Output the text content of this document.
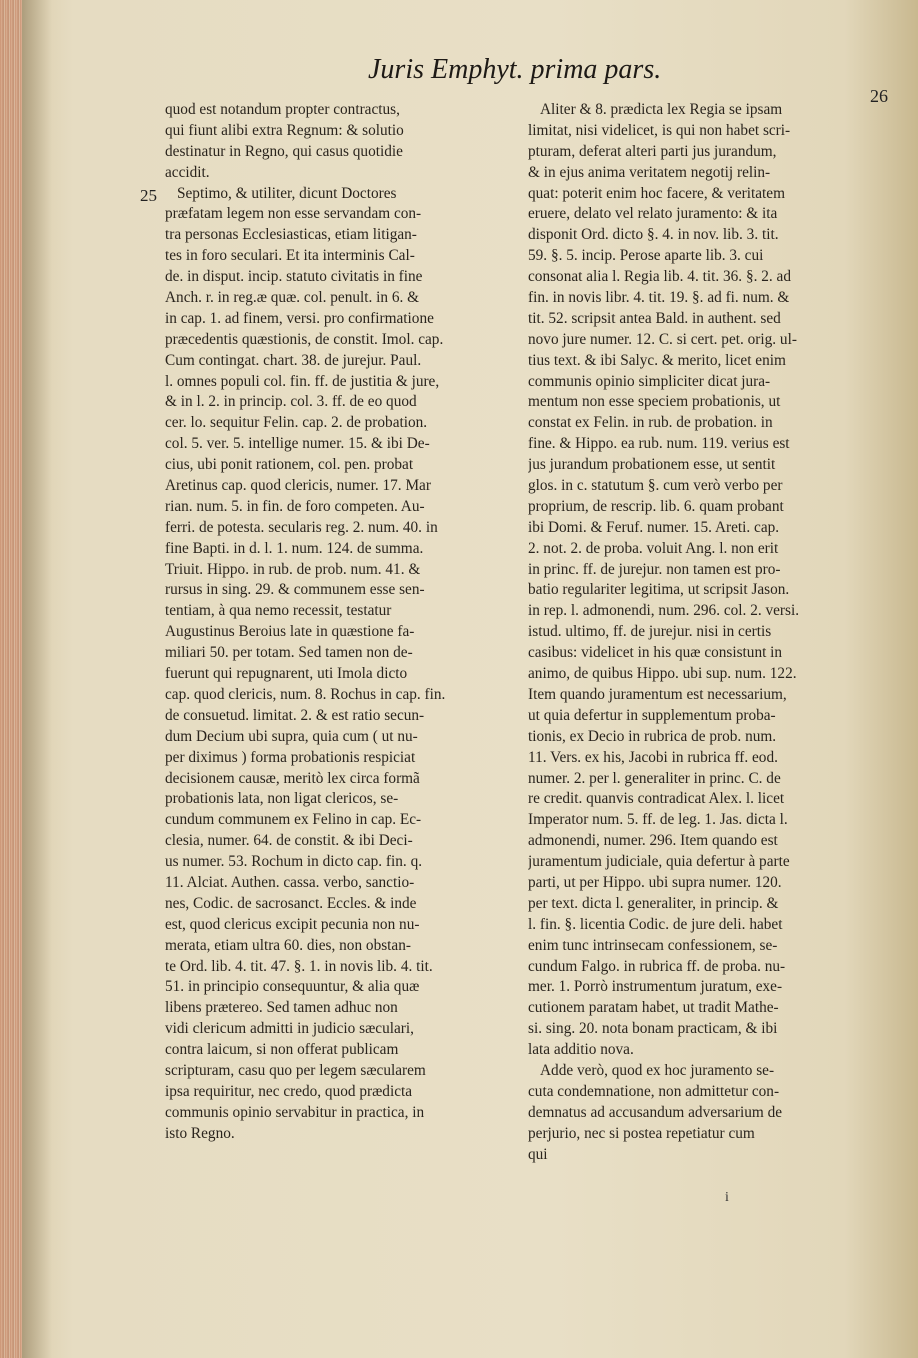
Juris Emphyt. prima pars.
26
25
quod est notandum propter contractus,
qui fiunt alibi extra Regnum: & solutio
destinatur in Regno, qui casus quotidie
accidit.
Septimo, & utiliter, dicunt Doctores
præfatam legem non esse servandam con-
tra personas Ecclesiasticas, etiam litigan-
tes in foro seculari. Et ita interminis Cal-
de. in disput. incip. statuto civitatis in fine
Anch. r. in reg.æ quæ. col. penult. in 6. &
in cap. 1. ad finem, versi. pro confirmatione
præcedentis quæstionis, de constit. Imol. cap.
Cum contingat. chart. 38. de jurejur. Paul.
l. omnes populi col. fin. ff. de justitia & jure,
& in l. 2. in princip. col. 3. ff. de eo quod
cer. lo. sequitur Felin. cap. 2. de probation.
col. 5. ver. 5. intellige numer. 15. & ibi De-
cius, ubi ponit rationem, col. pen. probat
Aretinus cap. quod clericis, numer. 17. Mar
rian. num. 5. in fin. de foro competen. Au-
ferri. de potesta. secularis reg. 2. num. 40. in
fine Bapti. in d. l. 1. num. 124. de summa.
Triuit. Hippo. in rub. de prob. num. 41. &
rursus in sing. 29. & communem esse sen-
tentiam, à qua nemo recessit, testatur
Augustinus Beroius late in quæstione fa-
miliari 50. per totam. Sed tamen non de-
fuerunt qui repugnarent, uti Imola dicto
cap. quod clericis, num. 8. Rochus in cap. fin.
de consuetud. limitat. 2. & est ratio secun-
dum Decium ubi supra, quia cum ( ut nu-
per diximus ) forma probationis respiciat
decisionem causæ, meritò lex circa formã
probationis lata, non ligat clericos, se-
cundum communem ex Felino in cap. Ec-
clesia, numer. 64. de constit. & ibi Deci-
us numer. 53. Rochum in dicto cap. fin. q.
11. Alciat. Authen. cassa. verbo, sanctio-
nes, Codic. de sacrosanct. Eccles. & inde
est, quod clericus excipit pecunia non nu-
merata, etiam ultra 60. dies, non obstan-
te Ord. lib. 4. tit. 47. §. 1. in novis lib. 4. tit.
51. in principio consequuntur, & alia quæ
libens prætereo. Sed tamen adhuc non
vidi clericum admitti in judicio sæculari,
contra laicum, si non offerat publicam
scripturam, casu quo per legem sæcularem
ipsa requiritur, nec credo, quod prædicta
communis opinio servabitur in practica, in
isto Regno.
Aliter & 8. prædicta lex Regia se ipsam
limitat, nisi videlicet, is qui non habet scri-
pturam, deferat alteri parti jus jurandum,
& in ejus anima veritatem negotij relin-
quat: poterit enim hoc facere, & veritatem
eruere, delato vel relato juramento: & ita
disponit Ord. dicto §. 4. in nov. lib. 3. tit.
59. §. 5. incip. Perose aparte lib. 3. cui
consonat alia l. Regia lib. 4. tit. 36. §. 2. ad
fin. in novis libr. 4. tit. 19. §. ad fi. num. &
tit. 52. scripsit antea Bald. in authent. sed
novo jure numer. 12. C. si cert. pet. orig. ul-
tius text. & ibi Salyc. & merito, licet enim
communis opinio simpliciter dicat jura-
mentum non esse speciem probationis, ut
constat ex Felin. in rub. de probation. in
fine. & Hippo. ea rub. num. 119. verius est
jus jurandum probationem esse, ut sentit
glos. in c. statutum §. cum verò verbo per
proprium, de rescrip. lib. 6. quam probant
ibi Domi. & Feruf. numer. 15. Areti. cap.
2. not. 2. de proba. voluit Ang. l. non erit
in princ. ff. de jurejur. non tamen est pro-
batio regulariter legitima, ut scripsit Jason.
in rep. l. admonendi, num. 296. col. 2. versi.
istud. ultimo, ff. de jurejur. nisi in certis
casibus: videlicet in his quæ consistunt in
animo, de quibus Hippo. ubi sup. num. 122.
Item quando juramentum est necessarium,
ut quia defertur in supplementum proba-
tionis, ex Decio in rubrica de prob. num.
11. Vers. ex his, Jacobi in rubrica ff. eod.
numer. 2. per l. generaliter in princ. C. de
re credit. quanvis contradicat Alex. l. licet
Imperator num. 5. ff. de leg. 1. Jas. dicta l.
admonendi, numer. 296. Item quando est
juramentum judiciale, quia defertur à parte
parti, ut per Hippo. ubi supra numer. 120.
per text. dicta l. generaliter, in princip. &
l. fin. §. licentia Codic. de jure deli. habet
enim tunc intrinsecam confessionem, se-
cundum Falgo. in rubrica ff. de proba. nu-
mer. 1. Porrò instrumentum juratum, exe-
cutionem paratam habet, ut tradit Mathe-
si. sing. 20. nota bonam practicam, & ibi
lata additio nova.
Adde verò, quod ex hoc juramento se-
cuta condemnatione, non admittetur con-
demnatus ad accusandum adversarium de
perjurio, nec si postea repetiatur cum
qui
i
